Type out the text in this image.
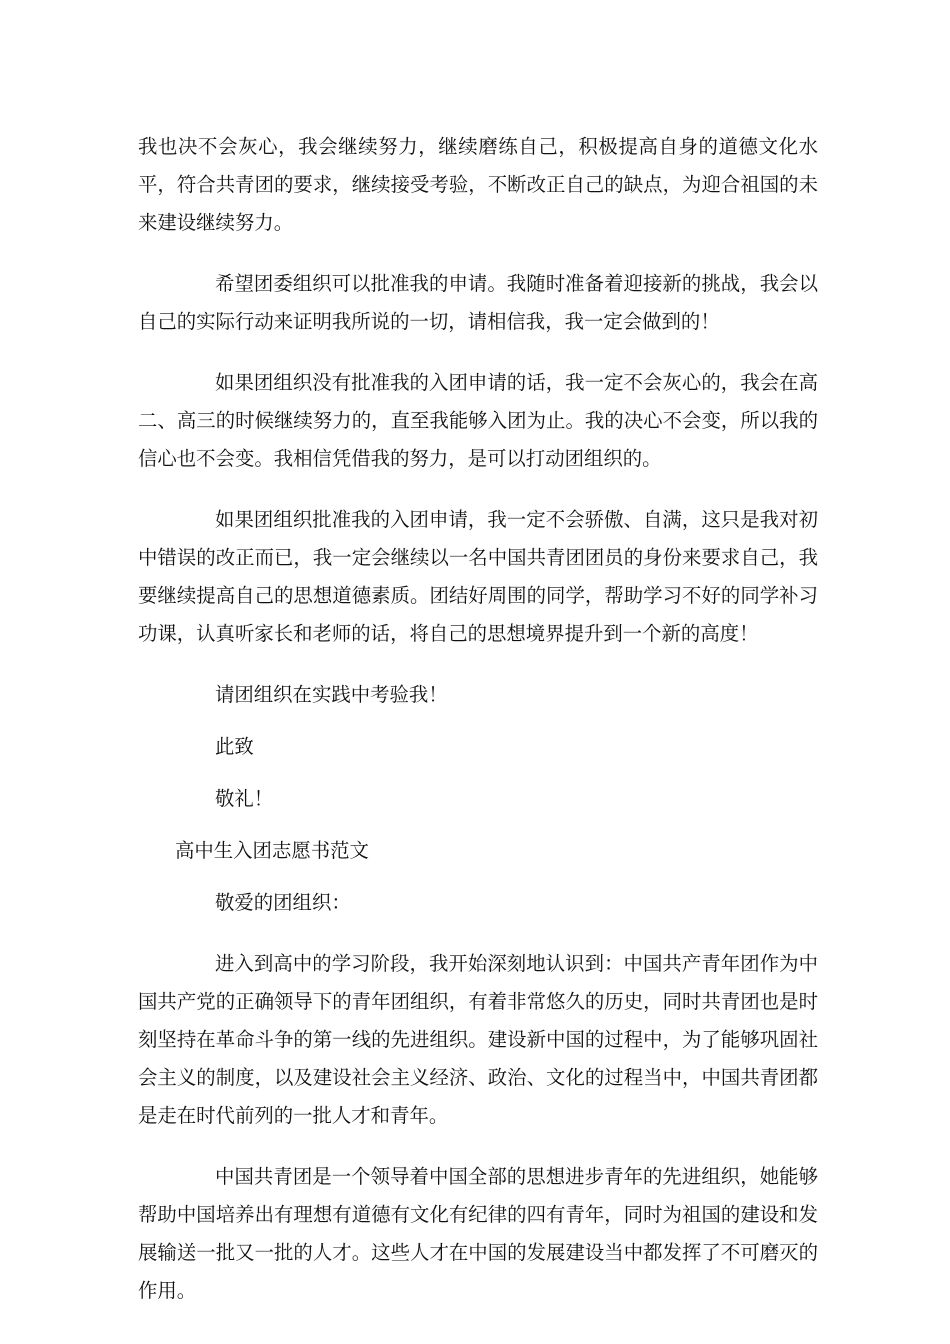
我也决不会灰心，我会继续努力，继续磨练自己，积极提高自身的道德文化水平，符合共青团的要求，继续接受考验，不断改正自己的缺点，为迎合祖国的未来建设继续努力。

希望团委组织可以批准我的申请。我随时准备着迎接新的挑战，我会以自己的实际行动来证明我所说的一切，请相信我，我一定会做到的！

如果团组织没有批准我的入团申请的话，我一定不会灰心的，我会在高二、高三的时候继续努力的，直至我能够入团为止。我的决心不会变，所以我的信心也不会变。我相信凭借我的努力，是可以打动团组织的。

如果团组织批准我的入团申请，我一定不会骄傲、自满，这只是我对初中错误的改正而已，我一定会继续以一名中国共青团团员的身份来要求自己，我要继续提高自己的思想道德素质。团结好周围的同学，帮助学习不好的同学补习功课，认真听家长和老师的话，将自己的思想境界提升到一个新的高度！

请团组织在实践中考验我！

此致

敬礼！

高中生入团志愿书范文

敬爱的团组织：

进入到高中的学习阶段，我开始深刻地认识到：中国共产青年团作为中国共产党的正确领导下的青年团组织，有着非常悠久的历史，同时共青团也是时刻坚持在革命斗争的第一线的先进组织。建设新中国的过程中，为了能够巩固社会主义的制度，以及建设社会主义经济、政治、文化的过程当中，中国共青团都是走在时代前列的一批人才和青年。

中国共青团是一个领导着中国全部的思想进步青年的先进组织，她能够帮助中国培养出有理想有道德有文化有纪律的四有青年，同时为祖国的建设和发展输送一批又一批的人才。这些人才在中国的发展建设当中都发挥了不可磨灭的作用。
